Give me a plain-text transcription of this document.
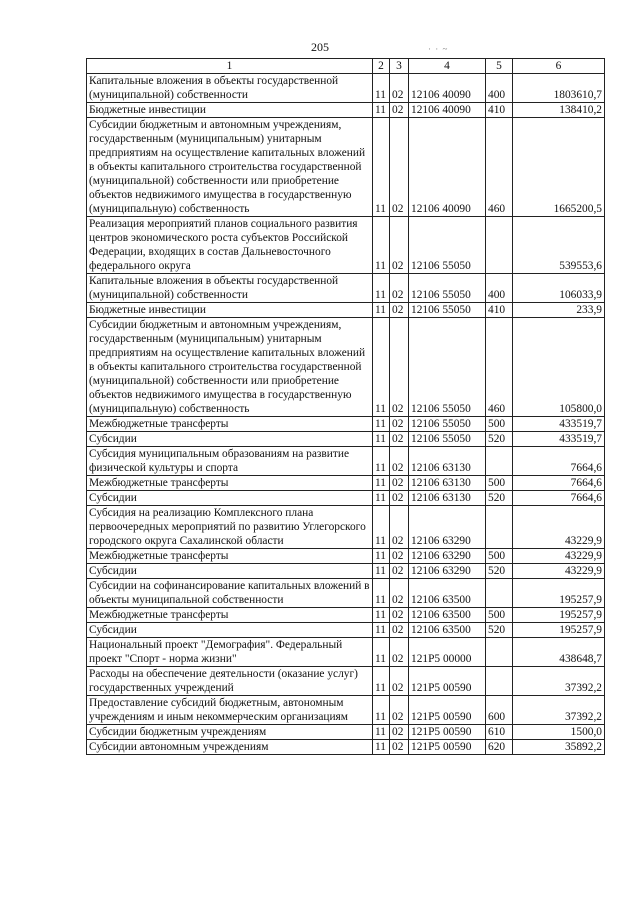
205	· · ~
1	2	3	4	5	6
Капитальные вложения в объекты государственной (муниципальной) собственности	11	02	12106 40090	400	1803610,7
Бюджетные инвестиции	11	02	12106 40090	410	138410,2
Субсидии бюджетным и автономным учреждениям, государственным (муниципальным) унитарным предприятиям на осуществление капитальных вложений в объекты капитального строительства государственной (муниципальной) собственности или приобретение объектов недвижимого имущества в государственную (муниципальную) собственность	11	02	12106 40090	460	1665200,5
Реализация мероприятий планов социального развития центров экономического роста субъектов Российской Федерации, входящих в состав Дальневосточного федерального округа	11	02	12106 55050		539553,6
Капитальные вложения в объекты государственной (муниципальной) собственности	11	02	12106 55050	400	106033,9
Бюджетные инвестиции	11	02	12106 55050	410	233,9
Субсидии бюджетным и автономным учреждениям, государственным (муниципальным) унитарным предприятиям на осуществление капитальных вложений в объекты капитального строительства государственной (муниципальной) собственности или приобретение объектов недвижимого имущества в государственную (муниципальную) собственность	11	02	12106 55050	460	105800,0
Межбюджетные трансферты	11	02	12106 55050	500	433519,7
Субсидии	11	02	12106 55050	520	433519,7
Субсидия муниципальным образованиям на развитие физической культуры и спорта	11	02	12106 63130		7664,6
Межбюджетные трансферты	11	02	12106 63130	500	7664,6
Субсидии	11	02	12106 63130	520	7664,6
Субсидия на реализацию Комплексного плана первоочередных мероприятий по развитию Углегорского городского округа Сахалинской области	11	02	12106 63290		43229,9
Межбюджетные трансферты	11	02	12106 63290	500	43229,9
Субсидии	11	02	12106 63290	520	43229,9
Субсидии на софинансирование капитальных вложений в объекты муниципальной собственности	11	02	12106 63500		195257,9
Межбюджетные трансферты	11	02	12106 63500	500	195257,9
Субсидии	11	02	12106 63500	520	195257,9
Национальный проект "Демография". Федеральный проект "Спорт - норма жизни"	11	02	121P5 00000		438648,7
Расходы на обеспечение деятельности (оказание услуг) государственных учреждений	11	02	121P5 00590		37392,2
Предоставление субсидий бюджетным, автономным учреждениям и иным некоммерческим организациям	11	02	121P5 00590	600	37392,2
Субсидии бюджетным учреждениям	11	02	121P5 00590	610	1500,0
Субсидии автономным учреждениям	11	02	121P5 00590	620	35892,2
